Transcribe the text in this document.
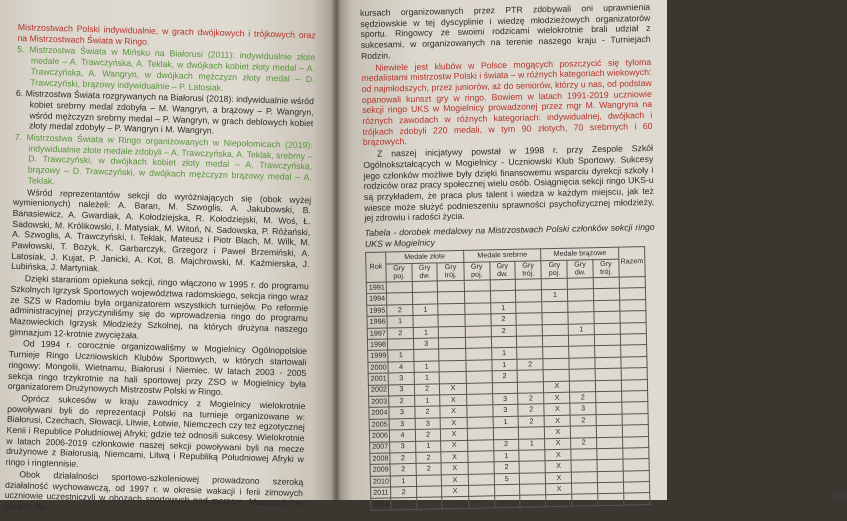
Mistrzostwach Polski indywidualnie, w grach dwójkowych i trójkowych oraz na Mistrzostwach Świata w Ringo.

5. Mistrzostwa Świata w Mińsku na Białorusi (2011): indywidualnie złote medale – A. Trawczyńska, A. Teklak, w dwójkach kobiet złoty medal – A. Trawczyńska, A. Wangryn, w dwójkach mężczyzn złoty medal – D. Trawczyński, brązowy indywidualnie – P. Latosiak.

6. Mistrzostwa Świata rozgrywanych na Białorusi (2018): indywidualnie wśród kobiet srebrny medal zdobyła – M. Wangryn, a brązowy – P. Wangryn, wśród mężczyzn srebrny medal – P. Wangryn, w grach deblowych kobiet złoty medal zdobyły – P. Wangryn i M. Wangryn.

7. Mistrzostwa Świata w Ringo organizowanych w Niepołomicach (2019): indywidualnie złote medale zdobyli – A. Trawczyńska, A. Teklak, srebrny – D. Trawczyński, w dwójkach kobiet złoty medal – A. Trawczyńska, brązowy – D. Trawczyński, w dwójkach mężczyzn brązowy medal – A. Teklak.

Wśród reprezentantów sekcji do wyróżniających się (obok wyżej wymienionych) należeli: A. Baran, M. Szwoglis, A. Jakubowski, B. Banasiewicz, A. Gwardiak, A. Kołodziejska, R. Kołodziejski, M. Woś, Ł. Sadowski, M. Królikowski, I. Matysiak, M. Witoń, N. Sadowska, P. Różański, A. Szwoglis, A. Trawczyński, I. Teklak, Mateusz i Piotr Błach, M. Wilk, M. Pawłowski, T. Bozyk, K. Garbarczyk, Grzegorz i Paweł Brzemiński, A. Latosiak, J. Kujat, P. Janicki, A. Kot, B. Majchrowski, M. Kaźmierska, J. Lubińska, J. Martyniak.

Dzięki staraniom opiekuna sekcji, ringo włączono w 1995 r. do programu Szkolnych Igrzysk Sportowych województwa radomskiego, sekcja ringo wraz ze SZS w Radomiu była organizatorem wszystkich turniejów. Po reformie administracyjnej przyczyniliśmy się do wprowadzenia ringo do programu Mazowieckich Igrzysk Młodzieży Szkolnej, na których drużyna naszego gimnazjum 12-krotnie zwyciężała.

Od 1994 r. corocznie organizowaliśmy w Mogielnicy Ogólnopolskie Turnieje Ringo Uczniowskich Klubów Sportowych, w których startowali ringowy: Mongolii, Wietnamu, Białorusi i Niemiec. W latach 2003 - 2005 sekcja ringo trzykrotnie na hali sportowej przy ZSO w Mogielnicy była organizatorem Drużynowych Mistrzostw Polski w Ringo.

Oprócz sukcesów w kraju zawodnicy z Mogielnicy wielokrotnie powoływani byli do reprezentacji Polski na turnieje organizowane w: Białorusi, Czechach, Słowacji, Litwie, Łotwie, Niemczech czy też egzotycznej Kenii i Republice Południowej Afryki; gdzie też odnosili sukcesy. Wielokrotnie w latach 2006-2019 członkowie naszej sekcji powoływani byli na mecze drużynowe z Białorusią, Niemcami, Litwą i Republiką Południowej Afryki w ringo i ringtennisie.

Obok działalności sportowo-szkoleniowej prowadzono szeroką działalność wychowawczą, od 1997 r. w okresie wakacji i ferii zimowych uczniowie uczestniczyli w obozach sportowych nad morzem, Mazurach i w górach. Na

kursach organizowanych przez PTR zdobywali oni uprawnienia sędziowskie w tej dyscyplinie i wiedzę młodzieżowych organizatorów sportu. Ringowcy ze swoimi rodzicami wielokrotnie brali udział z sukcesami, w organizowanych na terenie naszego kraju - Turniejach Rodzin.

Niewiele jest klubów w Polsce mogących poszczycić się tyloma medalistami mistrzostw Polski i świata – w różnych kategoriach wiekowych: od najmłodszych, przez juniorów, aż do seniorów, którzy u nas, od podstaw opanowali kunszt gry w ringo. Bowiem w latach 1991-2019 uczniowie sekcji ringo UKS w Mogielnicy prowadzonej przez mgr M. Wangryna na różnych zawodach w różnych kategoriach: indywidualnej, dwójkach i trójkach zdobyli 220 medali, w tym 90 złotych, 70 srebrnych i 60 brązowych.

Z naszej inicjatywy powstał w 1998 r. przy Zespole Szkół Ogólnokształcących w Mogielnicy - Uczniowski Klub Sportowy. Sukcesy jego członków możliwe były dzięki finansowemu wsparciu dyrekcji szkoły i rodziców oraz pracy społecznej wielu osób. Osiągnięcia sekcji ringo UKS-u są przykładem, że praca plus talent i wiedza w każdym miejscu, jak też wiesce może służyć podnieszeniu sprawności psychofizycznej młodzieży, jej zdrowiu i radości życia.

Tabela - dorobek medalowy na Mistrzostwach Polski członków sekcji ringo UKS w Mogielnicy

Rok	Medale złote			Medale srebrne			Medale brązowe			Razem
	Gry poj.	Gry dw.	Gry trój.	Gry poj.	Gry dw.	Gry trój.	Gry poj.	Gry dw.	Gry trój.	
1991										
1994							1			
1995	2	1			1					
1996	1				2					
1997	2	1			2			1		
1998		3								
1999	1				1					
2000	4	1			1	2				
2001	3	1			2					
2002	3	2	X				X			
2003	2	1	X		3	2	X	2		
2004	3	2	X		3	2	X	3		
2005	3	3	X		1	2	X	2		
2006	4	2	X				X			
2007	3	1	X		2	1	X	2		
2008	2	2	X		1		X			
2009	2	2	X		2		X			
2010	1		X		5		X			
2011	2		X				X			
2012										
201
